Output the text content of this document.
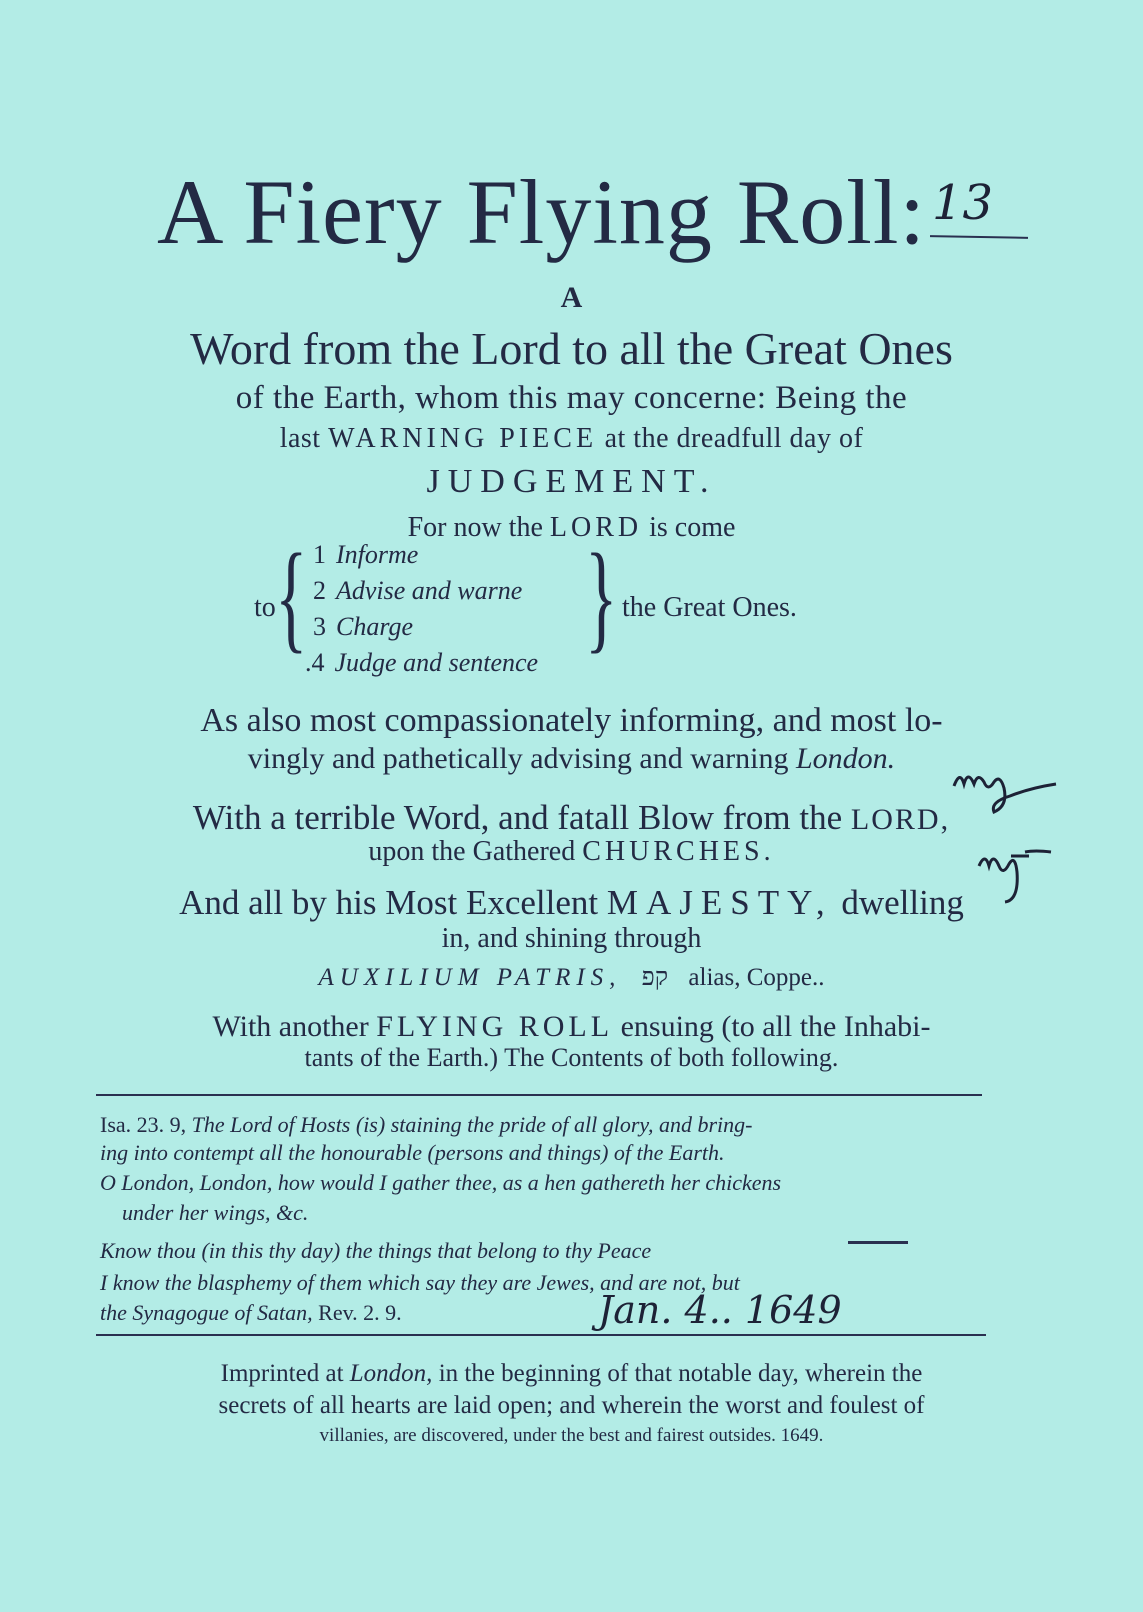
A Fiery Flying Roll: 13
A
Word from the Lord to all the Great Ones
of the Earth, whom this may concerne: Being the
last WARNING PIECE at the dreadfull day of
JUDGEMENT.
For now the LORD is come
to { 1 Informe
2 Advise and warne
3 Charge
.4 Judge and sentence } the Great Ones.
As also most compassionately informing, and most lo-
vingly and pathetically advising and warning London.
With a terrible Word, and fatall Blow from the LORD,
upon the Gathered CHURCHES.
And all by his Most Excellent MAJESTY, dwelling
in, and shining through
AUXILIUM PATRIS, קפ alias, Coppe..
With another FLYING ROLL ensuing (to all the Inhabi-
tants of the Earth.) The Contents of both following.
Isa. 23. 9, The Lord of Hosts (is) staining the pride of all glory, and bring-
ing into contempt all the honourable (persons and things) of the Earth.
O London, London, how would I gather thee, as a hen gathereth her chickens
under her wings, &c.
Know thou (in this thy day) the things that belong to thy Peace
I know the blasphemy of them which say they are Jewes, and are not, but
the Synagogue of Satan, Rev. 2. 9.	Jan. 4.. 1649
Imprinted at London, in the beginning of that notable day, wherein the
secrets of all hearts are laid open; and wherein the worst and foulest of
villanies, are discovered, under the best and fairest outsides. 1649.
